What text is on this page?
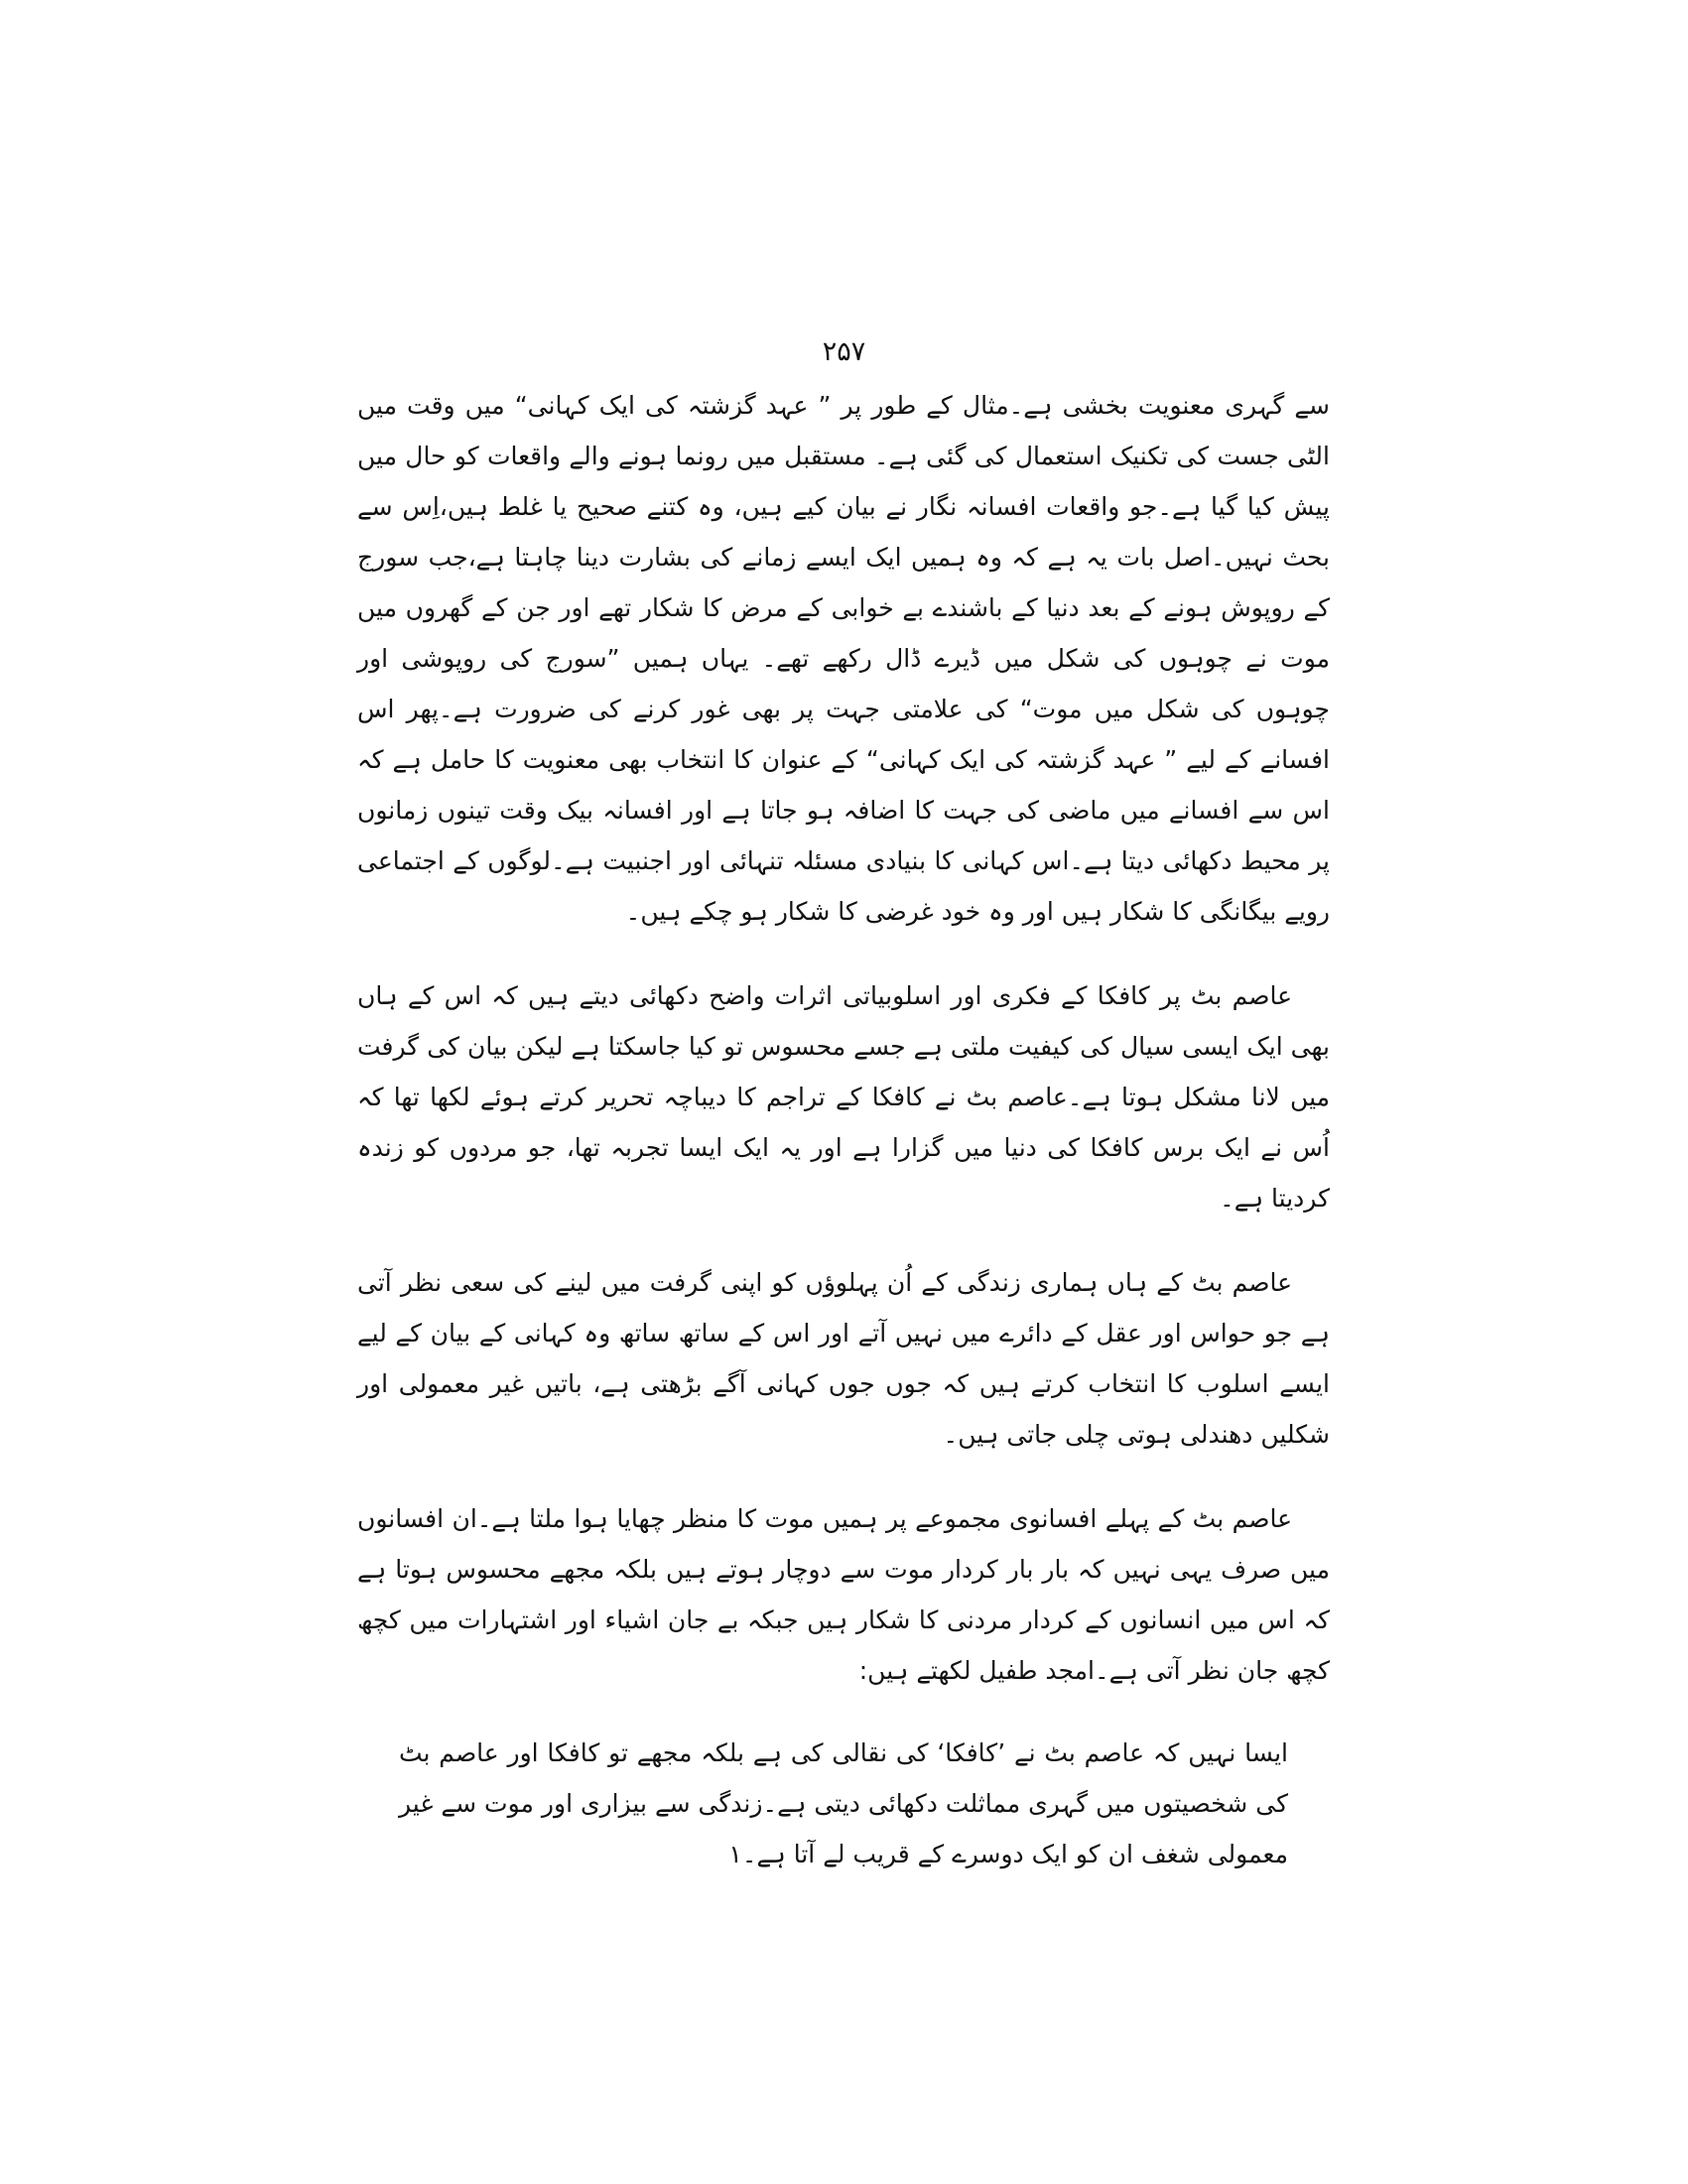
۲۵۷

سے گہری معنویت بخشی ہے۔مثال کے طور پر ” عہد گزشتہ کی ایک کہانی“ میں وقت میں الٹی جست کی تکنیک استعمال کی گئی ہے۔ مستقبل میں رونما ہونے والے واقعات کو حال میں پیش کیا گیا ہے۔جو واقعات افسانہ نگار نے بیان کیے ہیں، وہ کتنے صحیح یا غلط ہیں،اِس سے بحث نہیں۔اصل بات یہ ہے کہ وہ ہمیں ایک ایسے زمانے کی بشارت دینا چاہتا ہے،جب سورج کے روپوش ہونے کے بعد دنیا کے باشندے بے خوابی کے مرض کا شکار تھے اور جن کے گھروں میں موت نے چوہوں کی شکل میں ڈیرے ڈال رکھے تھے۔ یہاں ہمیں ”سورج کی روپوشی اور چوہوں کی شکل میں موت“ کی علامتی جہت پر بھی غور کرنے کی ضرورت ہے۔پھر اس افسانے کے لیے ” عہد گزشتہ کی ایک کہانی“ کے عنوان کا انتخاب بھی معنویت کا حامل ہے کہ اس سے افسانے میں ماضی کی جہت کا اضافہ ہو جاتا ہے اور افسانہ بیک وقت تینوں زمانوں پر محیط دکھائی دیتا ہے۔اس کہانی کا بنیادی مسئلہ تنہائی اور اجنبیت ہے۔لوگوں کے اجتماعی رویے بیگانگی کا شکار ہیں اور وہ خود غرضی کا شکار ہو چکے ہیں۔

عاصم بٹ پر کافکا کے فکری اور اسلوبیاتی اثرات واضح دکھائی دیتے ہیں کہ اس کے ہاں بھی ایک ایسی سیال کی کیفیت ملتی ہے جسے محسوس تو کیا جاسکتا ہے لیکن بیان کی گرفت میں لانا مشکل ہوتا ہے۔عاصم بٹ نے کافکا کے تراجم کا دیباچہ تحریر کرتے ہوئے لکھا تھا کہ اُس نے ایک برس کافکا کی دنیا میں گزارا ہے اور یہ ایک ایسا تجربہ تھا، جو مردوں کو زندہ کردیتا ہے۔

عاصم بٹ کے ہاں ہماری زندگی کے اُن پہلوؤں کو اپنی گرفت میں لینے کی سعی نظر آتی ہے جو حواس اور عقل کے دائرے میں نہیں آتے اور اس کے ساتھ ساتھ وہ کہانی کے بیان کے لیے ایسے اسلوب کا انتخاب کرتے ہیں کہ جوں جوں کہانی آگے بڑھتی ہے، باتیں غیر معمولی اور شکلیں دھندلی ہوتی چلی جاتی ہیں۔

عاصم بٹ کے پہلے افسانوی مجموعے پر ہمیں موت کا منظر چھایا ہوا ملتا ہے۔ان افسانوں میں صرف یہی نہیں کہ بار بار کردار موت سے دوچار ہوتے ہیں بلکہ مجھے محسوس ہوتا ہے کہ اس میں انسانوں کے کردار مردنی کا شکار ہیں جبکہ بے جان اشیاء اور اشتہارات میں کچھ کچھ جان نظر آتی ہے۔امجد طفیل لکھتے ہیں:

ایسا نہیں کہ عاصم بٹ نے ’کافکا‘ کی نقالی کی ہے بلکہ مجھے تو کافکا اور عاصم بٹ کی شخصیتوں میں گہری مماثلت دکھائی دیتی ہے۔زندگی سے بیزاری اور موت سے غیر معمولی شغف ان کو ایک دوسرے کے قریب لے آتا ہے۔۱
